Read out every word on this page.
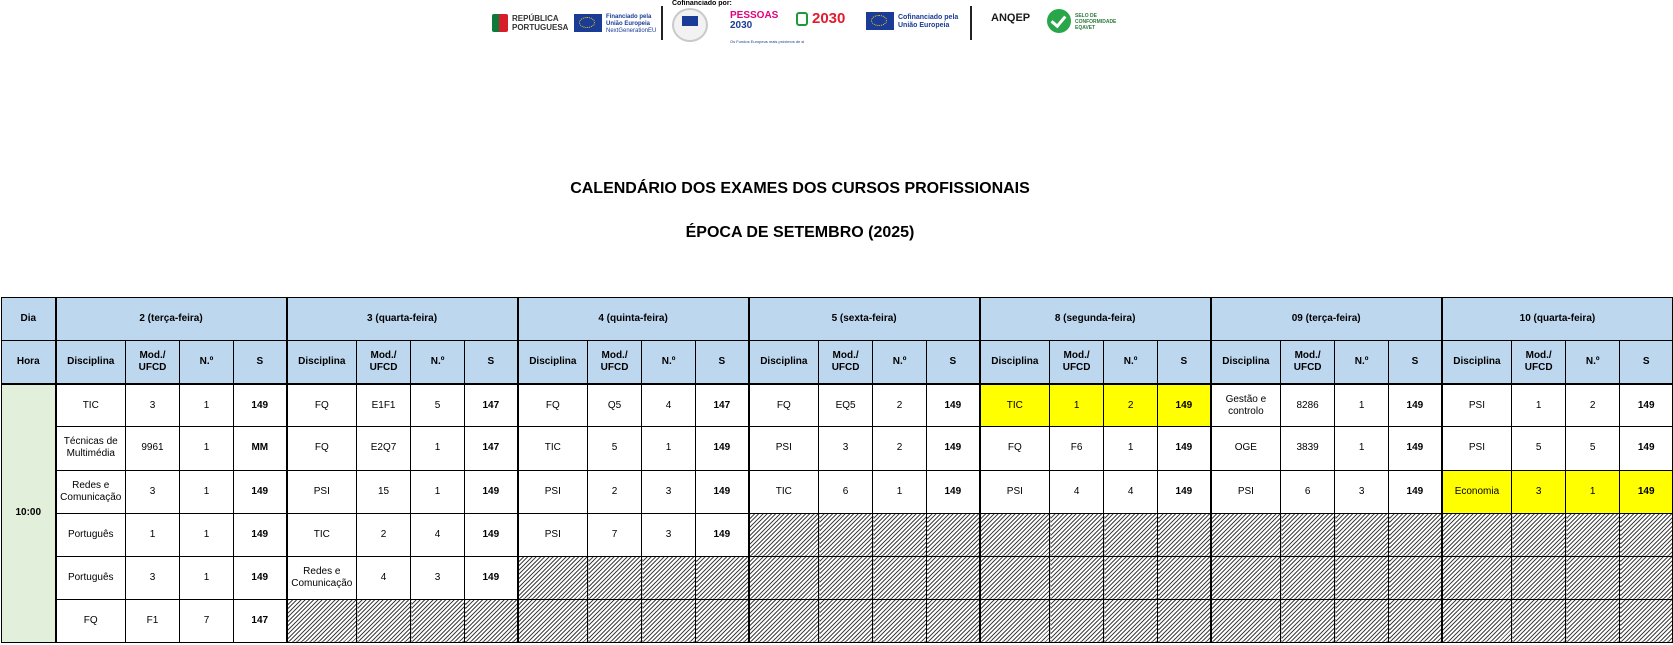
REPÚBLICA
PORTUGUESA
Financiado pela
União Europeia
NextGenerationEU
Cofinanciado por:
PESSOAS
2030
Os Fundos Europeus mais próximos de si
2030	Cofinanciado pela
União Europeia
ANQEP	SELO DE
CONFORMIDADE
EQAVET
CALENDÁRIO DOS EXAMES DOS CURSOS PROFISSIONAIS
ÉPOCA DE SETEMBRO (2025)
Dia	2 (terça-feira)				3 (quarta-feira)				4 (quinta-feira)				5 (sexta-feira)				8 (segunda-feira)				09 (terça-feira)				10 (quarta-feira)			
Hora	Disciplina	Mod./ UFCD	N.º	S	Disciplina	Mod./ UFCD	N.º	S	Disciplina	Mod./ UFCD	N.º	S	Disciplina	Mod./ UFCD	N.º	S	Disciplina	Mod./ UFCD	N.º	S	Disciplina	Mod./ UFCD	N.º	S	Disciplina	Mod./ UFCD	N.º	S
10:00	TIC	3	1	149	FQ	E1F1	5	147	FQ	Q5	4	147	FQ	EQ5	2	149	TIC	1	2	149	Gestão e controlo	8286	1	149	PSI	1	2	149
	Técnicas de Multimédia	9961	1	MM	FQ	E2Q7	1	147	TIC	5	1	149	PSI	3	2	149	FQ	F6	1	149	OGE	3839	1	149	PSI	5	5	149
	Redes e Comunicação	3	1	149	PSI	15	1	149	PSI	2	3	149	TIC	6	1	149	PSI	4	4	149	PSI	6	3	149	Economia	3	1	149
	Português	1	1	149	TIC	2	4	149	PSI	7	3	149																
	Português	3	1	149	Redes e Comunicação	4	3	149																				
	FQ	F1	7	147																								
